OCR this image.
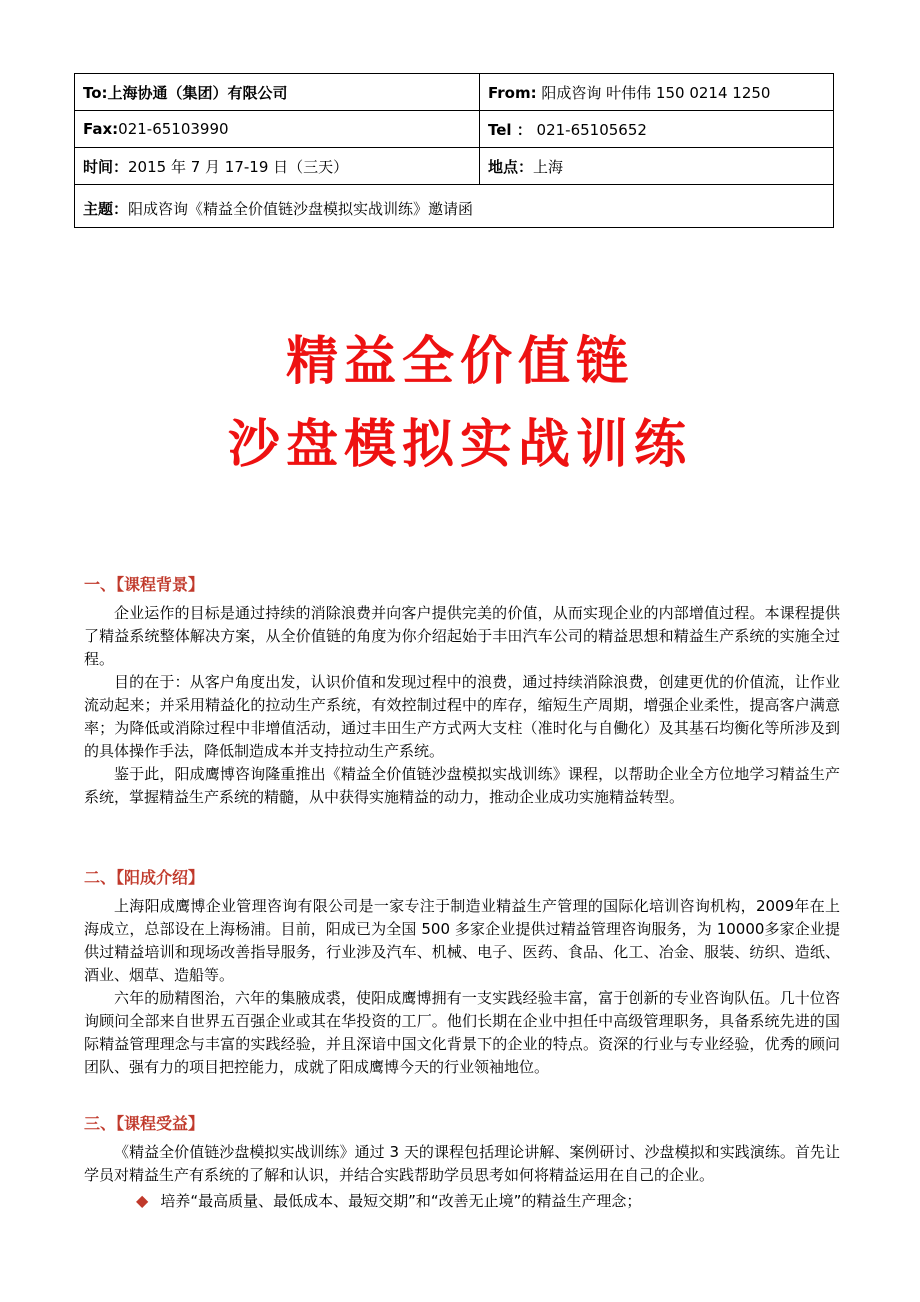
To:上海协通（集团）有限公司	From: 阳成咨询 叶伟伟 150 0214 1250
Fax:021-65103990	Tel ： 021-65105652
时间：2015 年 7 月 17-19 日（三天）	地点：上海
主题：阳成咨询《精益全价值链沙盘模拟实战训练》邀请函	
精益全价值链
沙盘模拟实战训练
一、【课程背景】

企业运作的目标是通过持续的消除浪费并向客户提供完美的价值，从而实现企业的内部增值过程。本课程提供了精益系统整体解决方案，从全价值链的角度为你介绍起始于丰田汽车公司的精益思想和精益生产系统的实施全过程。

目的在于：从客户角度出发，认识价值和发现过程中的浪费，通过持续消除浪费，创建更优的价值流，让作业流动起来；并采用精益化的拉动生产系统，有效控制过程中的库存，缩短生产周期，增强企业柔性，提高客户满意率；为降低或消除过程中非增值活动，通过丰田生产方式两大支柱（准时化与自働化）及其基石均衡化等所涉及到的具体操作手法，降低制造成本并支持拉动生产系统。

鉴于此，阳成鹰博咨询隆重推出《精益全价值链沙盘模拟实战训练》课程，以帮助企业全方位地学习精益生产系统，掌握精益生产系统的精髓，从中获得实施精益的动力，推动企业成功实施精益转型。

二、【阳成介绍】

上海阳成鹰博企业管理咨询有限公司是一家专注于制造业精益生产管理的国际化培训咨询机构，2009年在上海成立，总部设在上海杨浦。目前，阳成已为全国 500 多家企业提供过精益管理咨询服务，为 10000多家企业提供过精益培训和现场改善指导服务，行业涉及汽车、机械、电子、医药、食品、化工、冶金、服装、纺织、造纸、酒业、烟草、造船等。

六年的励精图治，六年的集腋成裘，使阳成鹰博拥有一支实践经验丰富，富于创新的专业咨询队伍。几十位咨询顾问全部来自世界五百强企业或其在华投资的工厂。他们长期在企业中担任中高级管理职务，具备系统先进的国际精益管理理念与丰富的实践经验，并且深谙中国文化背景下的企业的特点。资深的行业与专业经验，优秀的顾问团队、强有力的项目把控能力，成就了阳成鹰博今天的行业领袖地位。

三、【课程受益】

《精益全价值链沙盘模拟实战训练》通过 3 天的课程包括理论讲解、案例研讨、沙盘模拟和实践演练。首先让学员对精益生产有系统的了解和认识，并结合实践帮助学员思考如何将精益运用在自己的企业。

◆ 培养“最高质量、最低成本、最短交期”和“改善无止境”的精益生产理念；
